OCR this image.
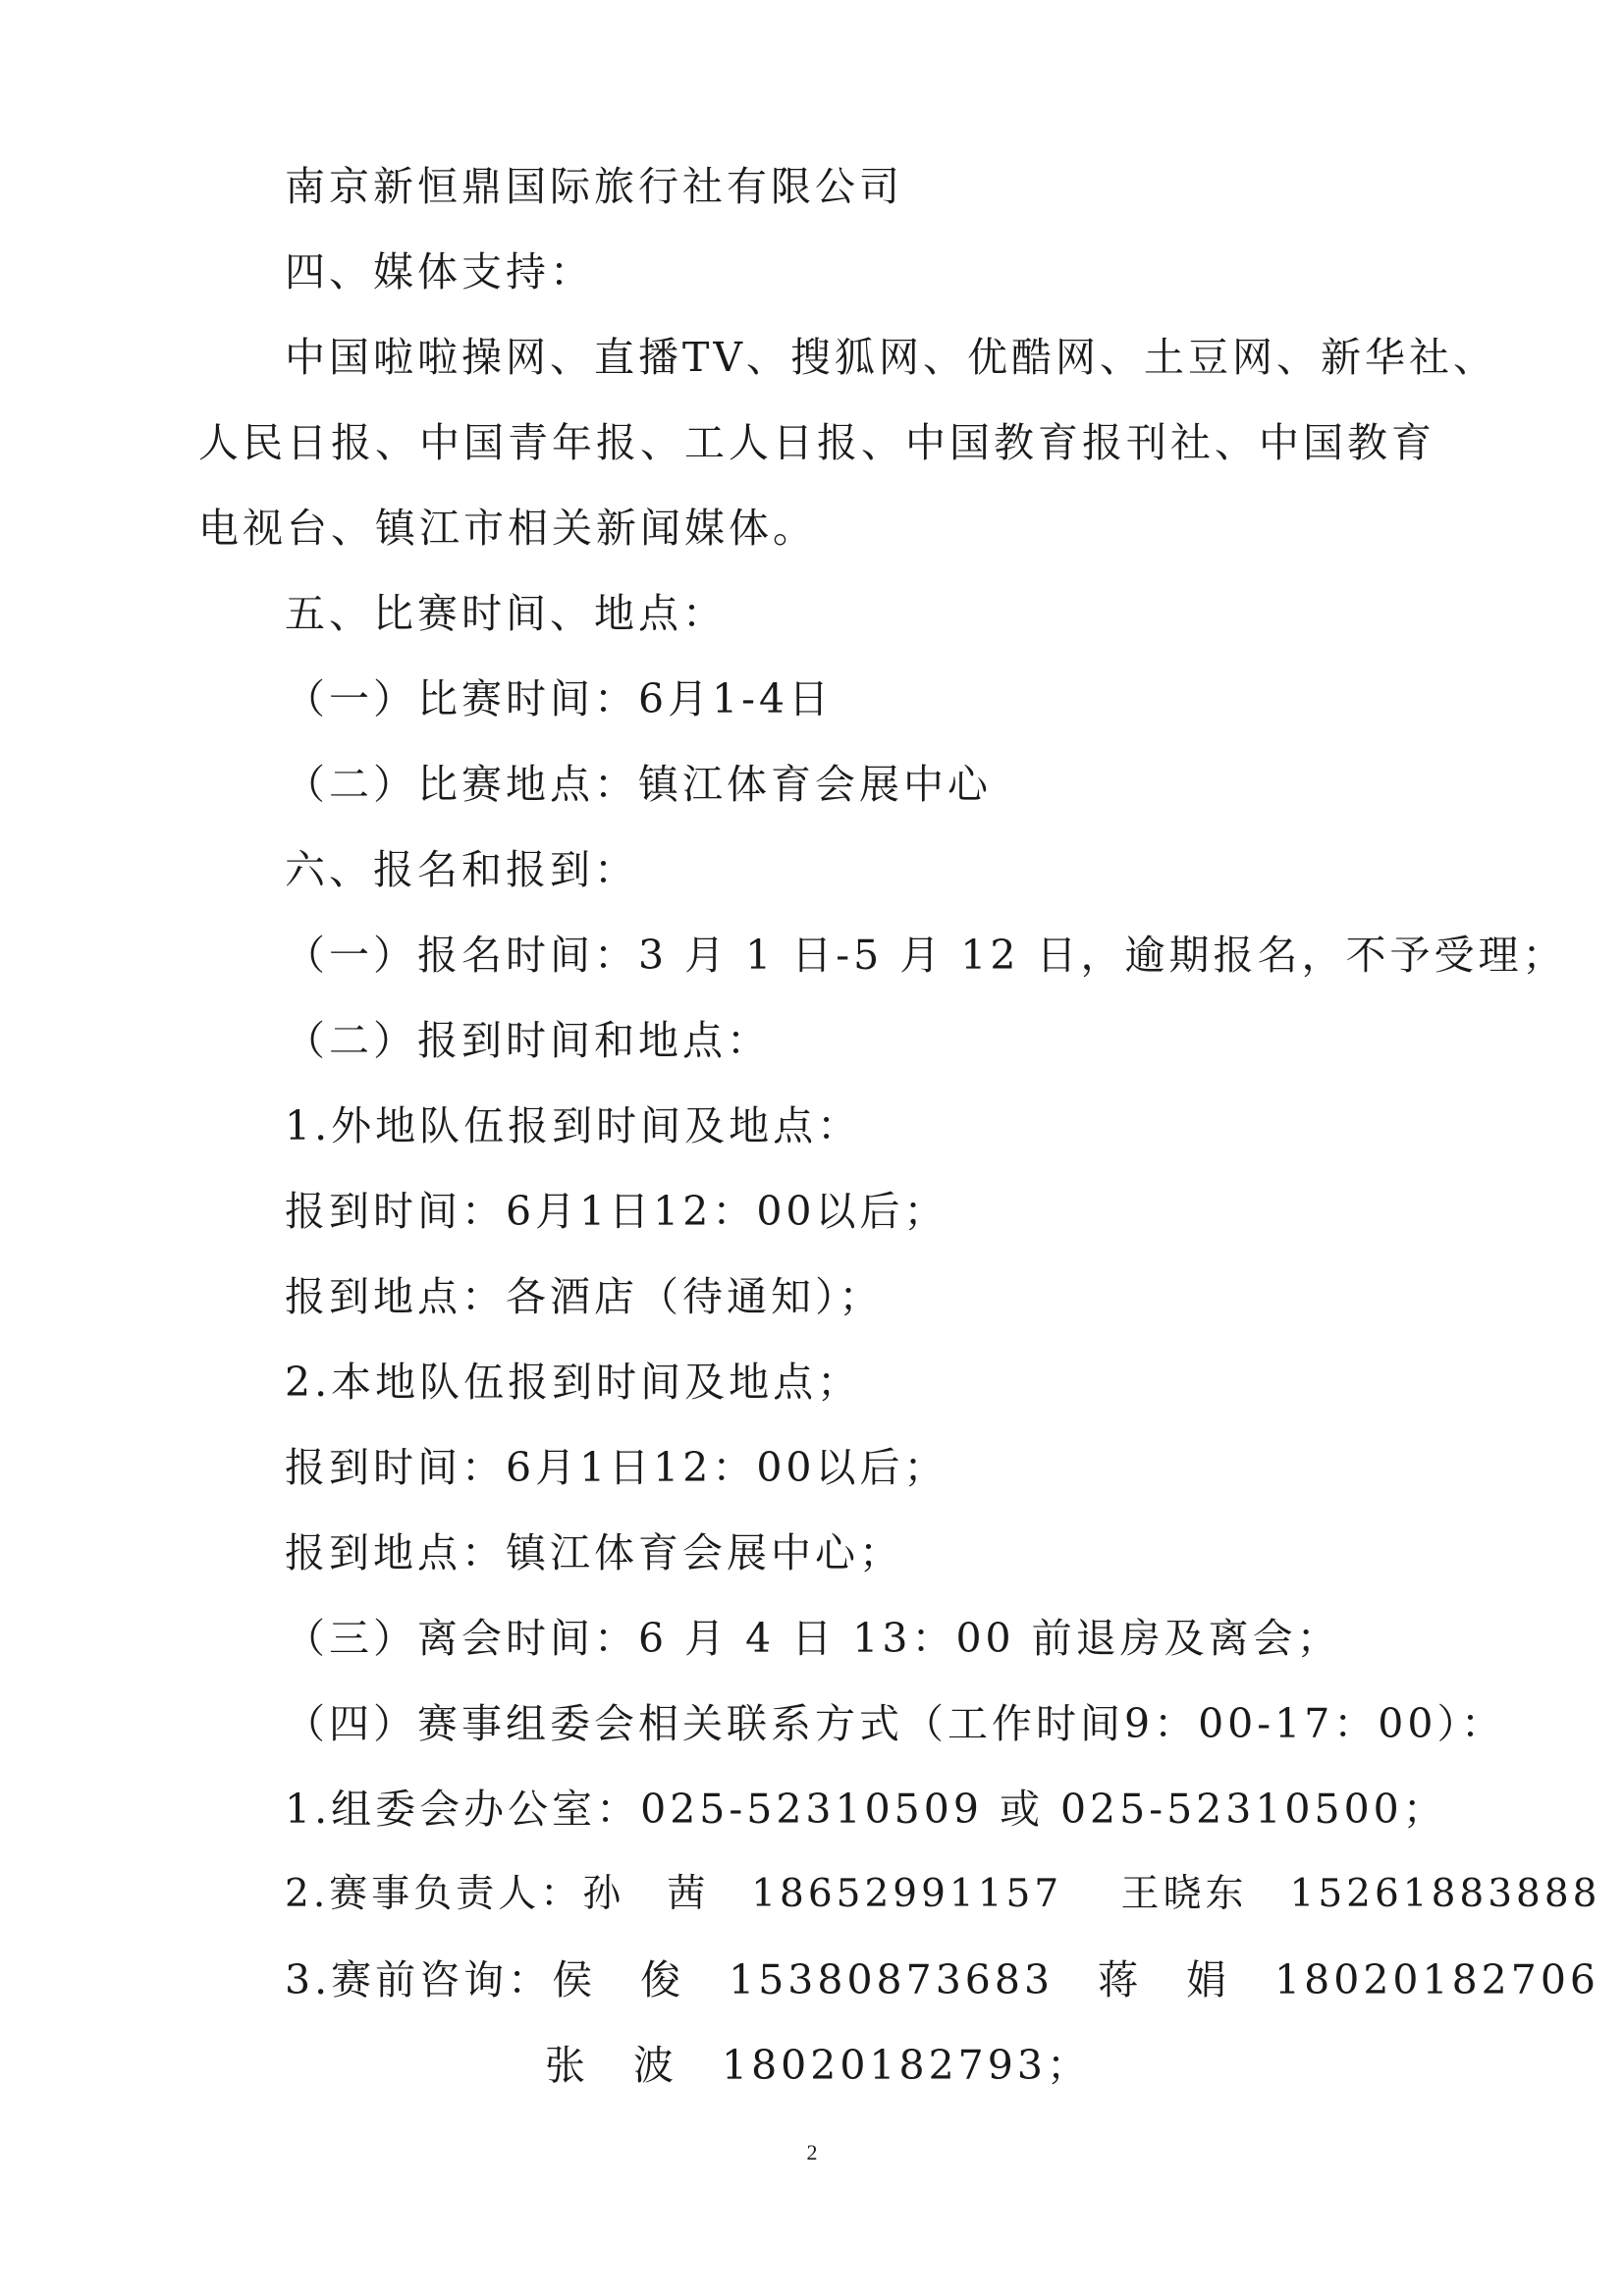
南京新恒鼎国际旅行社有限公司
四、媒体支持：
中国啦啦操网、直播TV、搜狐网、优酷网、土豆网、新华社、
人民日报、中国青年报、工人日报、中国教育报刊社、中国教育
电视台、镇江市相关新闻媒体。
五、比赛时间、地点：
（一）比赛时间：6月1-4日
（二）比赛地点：镇江体育会展中心
六、报名和报到：
（一）报名时间：3 月 1 日-5 月 12 日，逾期报名，不予受理；
（二）报到时间和地点：
1.外地队伍报到时间及地点：
报到时间：6月1日12：00以后；
报到地点：各酒店（待通知）；
2.本地队伍报到时间及地点；
报到时间：6月1日12：00以后；
报到地点：镇江体育会展中心；
（三）离会时间：6 月 4 日 13：00 前退房及离会；
（四）赛事组委会相关联系方式（工作时间9：00-17：00）：
1.组委会办公室：025-52310509 或 025-52310500；
2.赛事负责人：孙　茜　18652991157　 王晓东　15261883888
3.赛前咨询：侯　俊　15380873683　蒋　娟　18020182706
张　波　18020182793；
2
